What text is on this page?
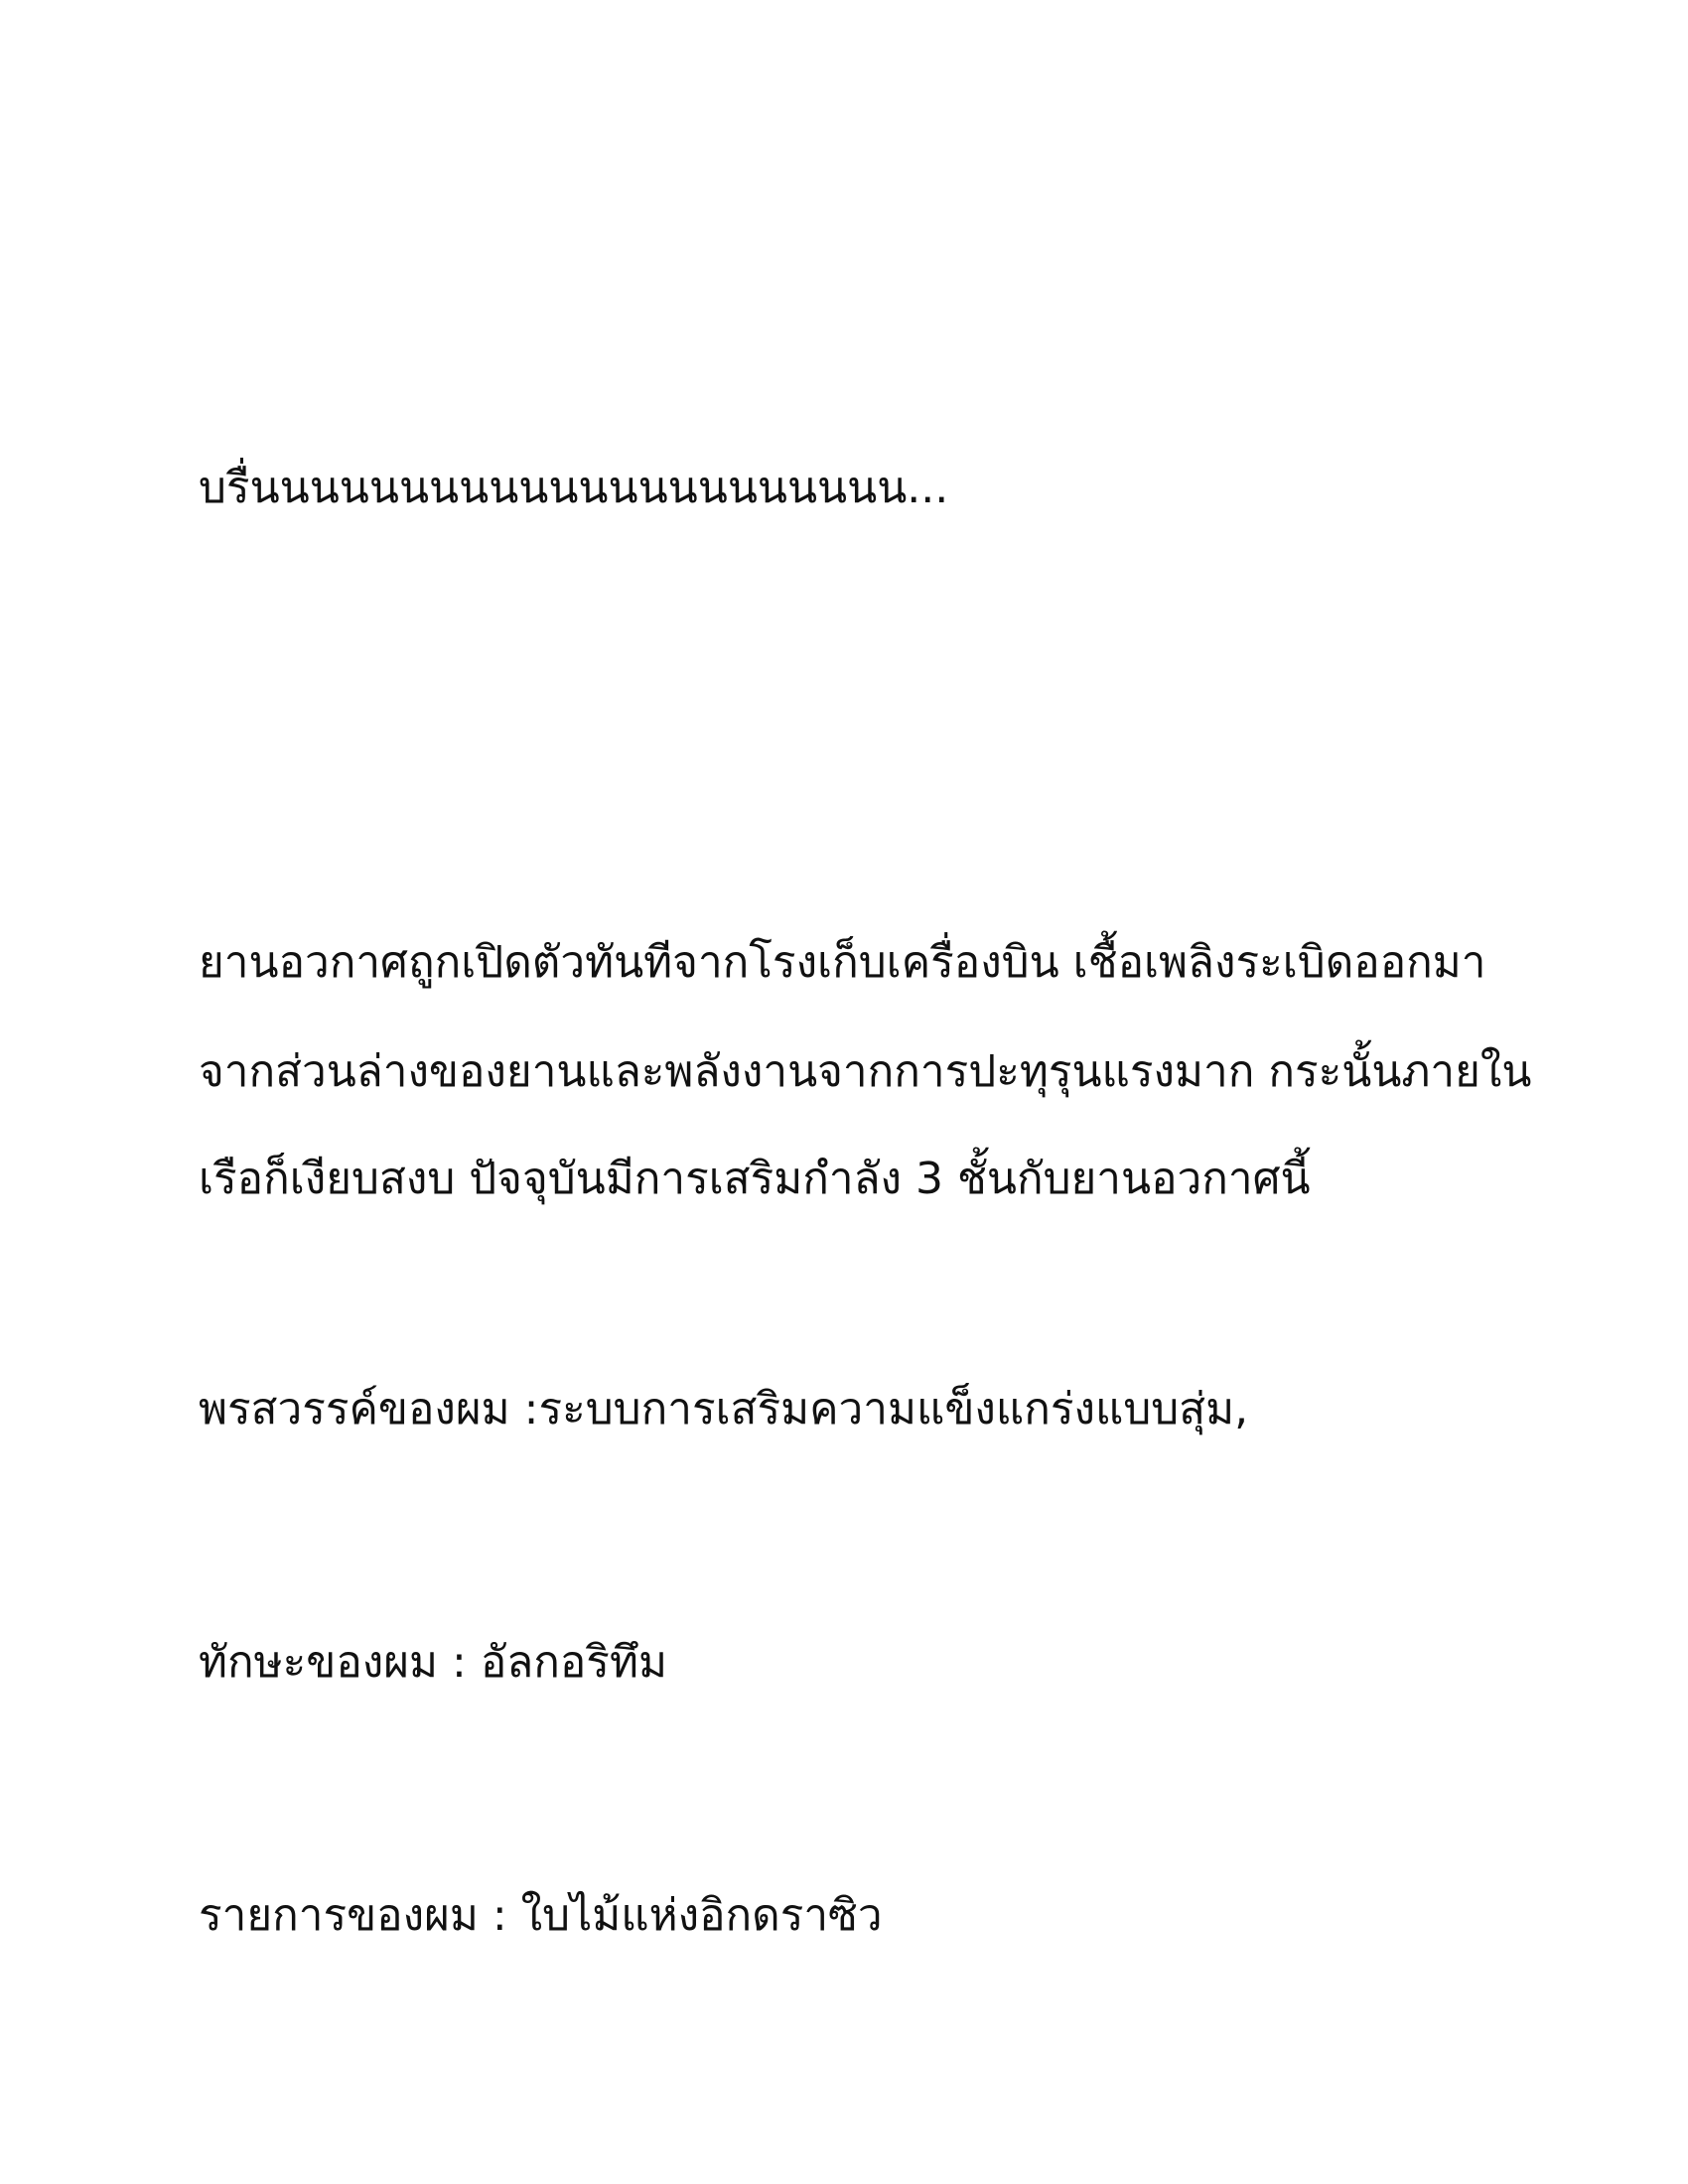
บรื่นนนนนนนนนนนนนนนนนนนนนน...
ยานอวกาศถูกเปิดตัวทันทีจากโรงเก็บเครื่องบิน เชื้อเพลิงระเบิดออกมา
จากส่วนล่างของยานและพลังงานจากการปะทุรุนแรงมาก กระนั้นภายใน
เรือก็เงียบสงบ ปัจจุบันมีการเสริมกำลัง 3 ชั้นกับยานอวกาศนี้
พรสวรรค์ของผม :ระบบการเสริมความแข็งแกร่งแบบสุ่ม,
ทักษะของผม : อัลกอริทึม
รายการของผม : ใบไม้แห่งอิกดราซิว
